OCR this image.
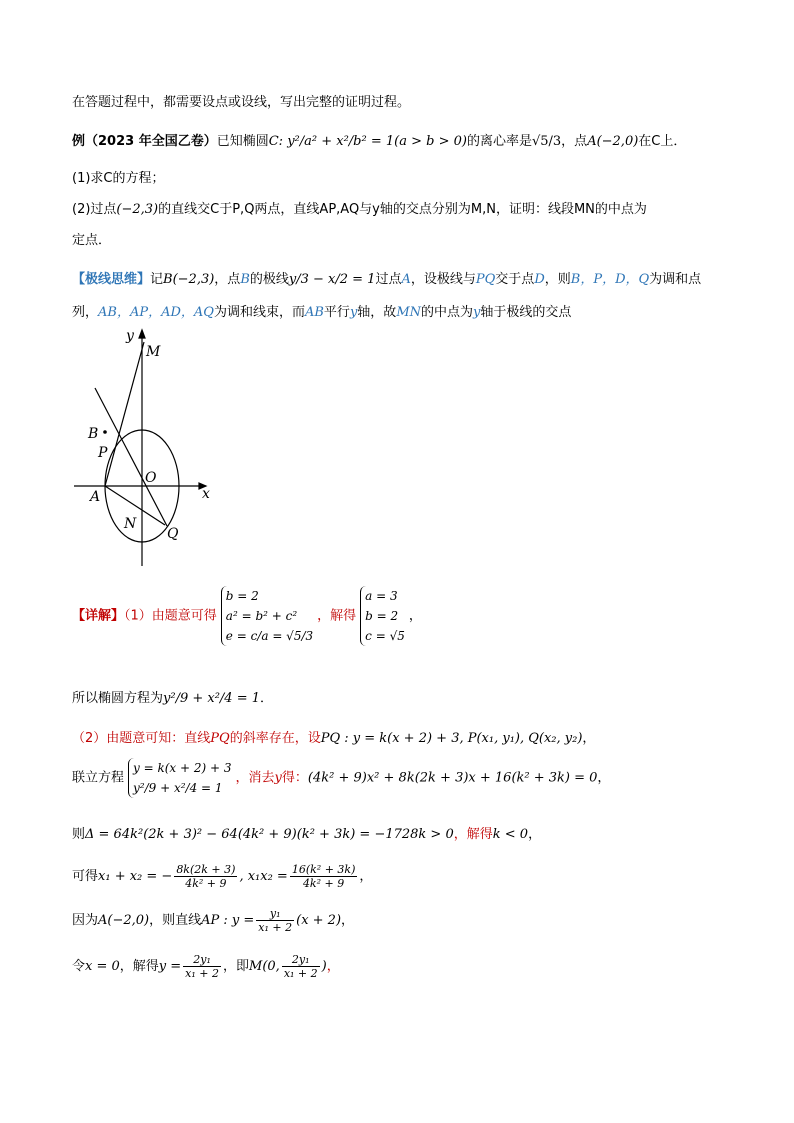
在答题过程中，都需要设点或设线，写出完整的证明过程。
例（2023 年全国乙卷）已知椭圆C: y²/a² + x²/b² = 1(a > b > 0)的离心率是√5/3，点A(−2,0)在C上．
(1)求C的方程；
(2)过点(−2,3)的直线交C于P,Q两点，直线AP,AQ与y轴的交点分别为M,N，证明：线段MN的中点为
定点．
【极线思维】记B(−2,3)，点B的极线y/3 − x/2 = 1过点A，设极线与PQ交于点D，则B，P，D，Q为调和点
列，AB，AP，AD，AQ为调和线束，而AB平行y轴，故MN的中点为y轴于极线的交点
y
M
B
P
O
A	x
N
Q
【详解】（1）由题意可得
b = 2
a² = b² + c²
e = c/a = √5/3
，解得
a = 3
b = 2
c = √5
，
所以椭圆方程为y²/9 + x²/4 = 1．
（2）由题意可知：直线PQ的斜率存在，设PQ : y = k(x + 2) + 3, P(x₁, y₁), Q(x₂, y₂)，
联立方程
y = k(x + 2) + 3
y²/9 + x²/4 = 1
，消去y得：(4k² + 9)x² + 8k(2k + 3)x + 16(k² + 3k) = 0，
则Δ = 64k²(2k + 3)² − 64(4k² + 9)(k² + 3k) = −1728k > 0，解得k < 0，
可得x₁ + x₂ = − $\frac{8k(2k + 3)}{\text{4k² + 9}}$ , $x_1x_2 = \frac{\text{16(k² + 3k)}}{\text{4k² + 9}}$ ，
因为A(−2,0)，则直线AP : $y = \frac{\text{y₁}}{\text{x₁ + 2}} (x + 2)$，
令x = 0，解得$y = \frac{\text{2y₁}}{\text{x₁ + 2}}$ ，即M(0, $\frac{\text{2y₁}}{\text{x₁ + 2}}$ )，
